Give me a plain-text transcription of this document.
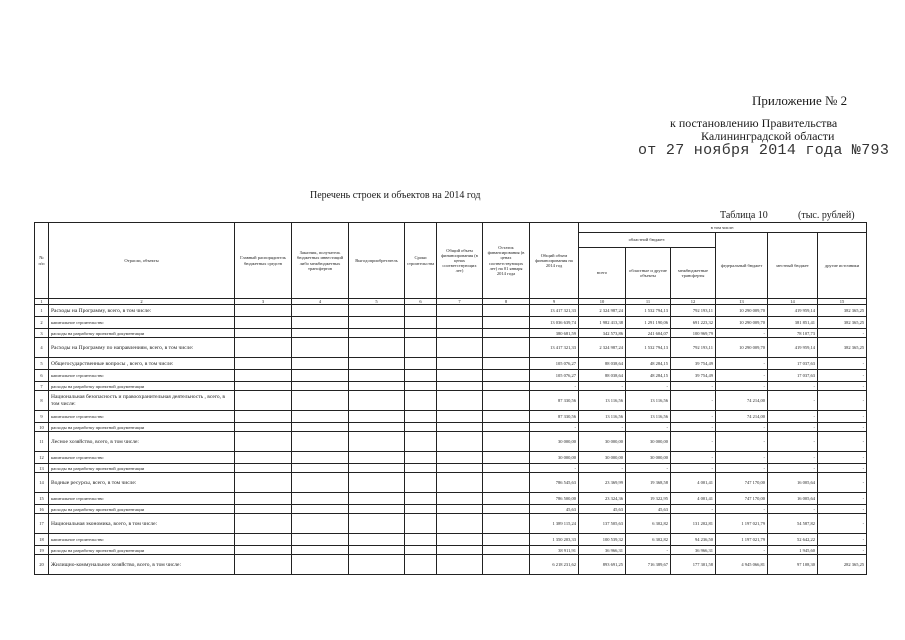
Приложение № 2
к постановлению Правительства
Калининградской области
от 27 ноября 2014 года №793
Перечень строек и объектов на 2014 год
Таблица 10	(тыс. рублей)
№ п/п	Отрасли, объекты	Главный распорядитель бюджетных средств	Заказчик, получатель бюджетных инвестиций либо межбюджетных трансфертов	Выгодоприобретатель	Сроки строительства	Общий объем финансирования (в ценах соответствующих лет)	Остаток финансирования (в ценах соответствующих лет) на 01 января 2014 года	Общий объем финансирования на 2014 год	в том числе:					
									областной бюджет:			федеральный бюджет	местный бюджет	другие источники
									всего	областные и другие объекты	межбюджетные трансферты			
1	2	3	4	5	6	7	8	9	10	11	12	13	14	15
1	Расходы на Программу, всего, в том числе:							13 417 321,33	2 324 987,24	1 532 794,13	792 193,11	10 290 009,70	419 959,14	382 365,25
2	капитальное строительство							13 036 639,74	1 982 413,38	1 291 190,06	691 223,32	10 290 009,70	381 851,41	382 365,25
3	расходы на разработку проектной документации							380 681,59	342 573,86	241 604,07	100 969,79	-	78 107,73	-
4	Расходы на Программу по направлениям, всего, в том числе:							13 417 321,33	2 324 987,24	1 532 794,13	792 193,11	10 290 009,70	419 959,14	382 365,25
5	Общегосударственные вопросы , всего, в том числе:							105 076,27	88 038,64	48 284,15	39 754,49	-	17 037,63	-
6	капитальное строительство							105 076,27	88 038,64	48 284,15	39 754,49	-	17 037,63	-
7	расходы на разработку проектной документации							-	-	-	-	-	-	-
8	Национальная безопасность и правоохранительная деятельность , всего, в том числе:							87 330,56	13 116,56	13 116,56	-	74 214,00	-	-
9	капитальное строительство							87 330,56	13 116,56	13 116,56	-	74 214,00	-	-
10	расходы на разработку проектной документации							-	-	-	-	-	-	-
11	Лесное хозяйство, всего, в том числе:							30 000,00	30 000,00	30 000,00	-	-	-	-
12	капитальное строительство							30 000,00	30 000,00	30 000,00	-	-	-	-
13	расходы на разработку проектной документации							-	-	-	-	-	-	-
14	Водные ресурсы, всего, в том числе:							786 545,63	23 369,99	19 368,58	4 001,41	747 170,00	16 005,64	-
15	капитальное строительство							786 500,00	23 324,36	19 322,95	4 001,41	747 170,00	16 005,64	-
16	расходы на разработку проектной документации							45,63	45,63	45,63	-	-	-	-
17	Национальная экономика, всего, в том числе:							1 389 115,24	137 505,63	6 302,82	131 202,81	1 197 021,79	54 587,82	-
18	капитальное строительство							1 350 203,33	100 539,32	6 302,82	94 236,50	1 197 021,79	52 642,22	-
19	расходы на разработку проектной документации							38 911,91	36 966,31	-	36 966,31	-	1 945,60	-
20	Жилищно-коммунальное хозяйство, всего, в том числе:							6 218 231,62	893 691,25	716 389,67	177 301,58	4 945 066,81	97 108,30	282 365,25
